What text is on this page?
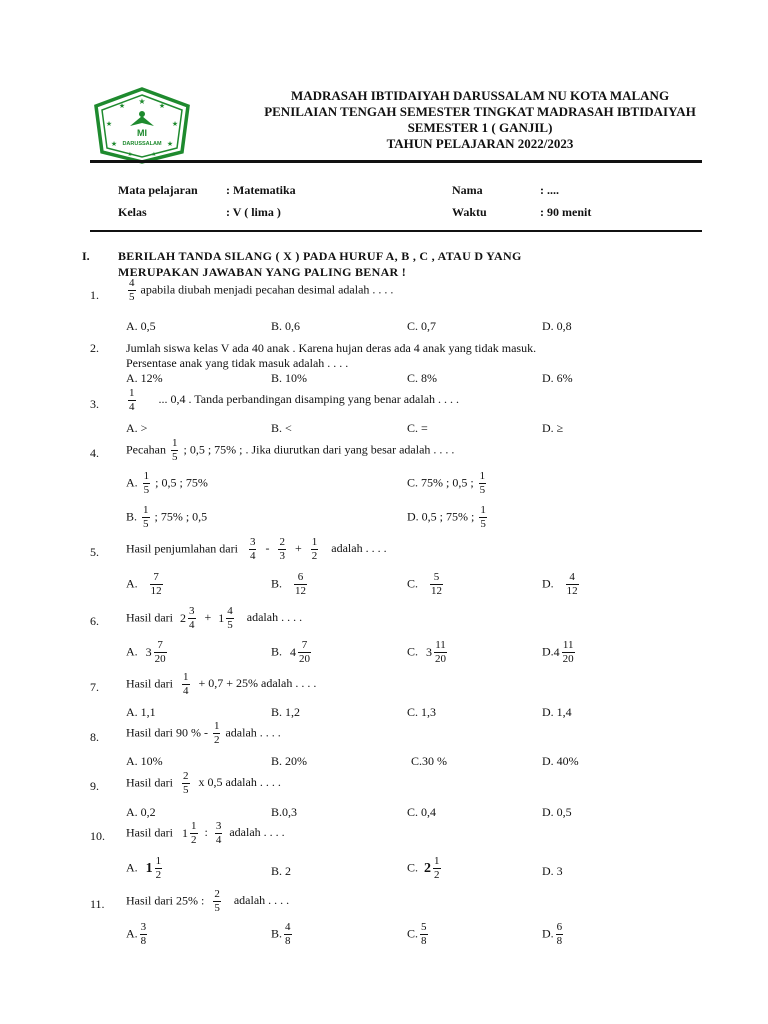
★
★	★
★	★
★	★
★	★
MI
DARUSSALAM
MADRASAH IBTIDAIYAH DARUSSALAM NU KOTA MALANG
PENILAIAN TENGAH SEMESTER TINGKAT MADRASAH IBTIDAIYAH
SEMESTER 1 ( GANJIL)
TAHUN PELAJARAN 2022/2023
Mata pelajaran : Matematika
Kelas	: V ( lima )
Nama	: ....
Waktu	: 90 menit
I. BERILAH TANDA SILANG ( X ) PADA HURUF A, B , C , ATAU D YANG
MERUPAKAN JAWABAN YANG PALING BENAR !
1.	$\frac{4}{5}$ apabila diubah menjadi pecahan desimal adalah . . . .
A. 0,5	B. 0,6	C. 0,7	D. 0,8
2. Jumlah siswa kelas V ada 40 anak . Karena hujan deras ada 4 anak yang tidak masuk.
Persentase anak yang tidak masuk adalah . . . .
A. 12%	B. 10%	C. 8%	D. 6%
3.	$\frac{1}{4}$ ... 0,4 . Tanda perbandingan disamping yang benar adalah . . . .
A. >	B. <	C. =	D. ≥
4. Pecahan $\frac{1}{5}$ ; 0,5 ; 75% ; . Jika diurutkan dari yang besar adalah . . . .
A. $\frac{1}{5}$ ; 0,5 ; 75%	C. 75% ; 0,5 ; $\frac{1}{5}$
B. $\frac{1}{5}$ ; 75% ; 0,5	D. 0,5 ; 75% ; $\frac{1}{5}$
5. Hasil penjumlahan dari $\frac{3}{4} - \frac{2}{3} + \frac{1}{2}$ adalah . . . .
A. $\frac{7}{12}$	B. $\frac{6}{12}$	C. $\frac{5}{12}$	D. $\frac{4}{12}$
6. Hasil dari $2 \frac{3}{4} + 1 \frac{4}{5}$ adalah . . . .
A. $3 \frac{7}{20}$	B. $4 \frac{7}{20}$	C. $3 \frac{11}{20}$	D. $4 \frac{11}{20}$
7. Hasil dari $\frac{1}{4} + 0,7 + 25\%$ adalah . . . .
A. 1,1	B. 1,2	C. 1,3	D. 1,4
8. Hasil dari 90 % - $\frac{1}{2}$ adalah . . . .
A. 10%	B. 20%	C.30 %	D. 40%
9. Hasil dari $\frac{2}{5}$ x 0,5 adalah . . . .
A. 0,2	B.0,3	C. 0,4	D. 0,5
10. Hasil dari $1 \frac{1}{2}$ : $\frac{3}{4}$ adalah . . . .
A. $1 \frac{1}{2}$	B. 2	C. $2 \frac{1}{2}$	D. 3
11. Hasil dari 25% : $\frac{2}{5}$ adalah . . . .
A. $\frac{3}{8}$	B. $\frac{4}{8}$	C. $\frac{5}{8}$	D. $\frac{6}{8}$
